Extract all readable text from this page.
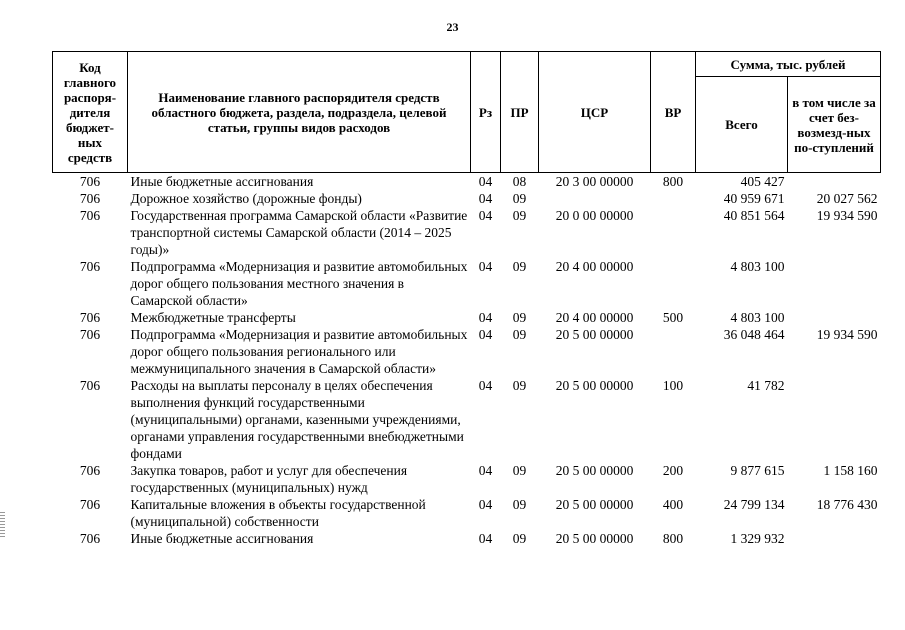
23
Код главного распоря-дителя бюджет-ных средств	Наименование главного распорядителя средств областного бюджета, раздела, подраздела, целевой статьи, группы видов расходов	Рз	ПР	ЦСР	ВР	Сумма, тыс. рублей	
						Всего	в том числе за счет без-возмезд-ных по-ступлений
706	Иные бюджетные ассигнования	04	08	20 3 00 00000	800	405 427	
706	Дорожное хозяйство (дорожные фонды)	04	09			40 959 671	20 027 562
706	Государственная программа Самарской области «Развитие транспортной системы Самарской области (2014 – 2025 годы)»	04	09	20 0 00 00000		40 851 564	19 934 590
706	Подпрограмма «Модернизация и развитие автомобильных дорог общего пользования местного значения в Самарской области»	04	09	20 4 00 00000		4 803 100	
706	Межбюджетные трансферты	04	09	20 4 00 00000	500	4 803 100	
706	Подпрограмма «Модернизация и развитие автомобильных дорог общего пользования регионального или межмуниципального значения в Самарской области»	04	09	20 5 00 00000		36 048 464	19 934 590
706	Расходы на выплаты персоналу в целях обеспечения выполнения функций государственными (муниципальными) органами, казенными учреждениями, органами управления государственными внебюджетными фондами	04	09	20 5 00 00000	100	41 782	
706	Закупка товаров, работ и услуг для обеспечения государственных (муниципальных) нужд	04	09	20 5 00 00000	200	9 877 615	1 158 160
706	Капитальные вложения в объекты государственной (муниципальной) собственности	04	09	20 5 00 00000	400	24 799 134	18 776 430
706	Иные бюджетные ассигнования	04	09	20 5 00 00000	800	1 329 932	
